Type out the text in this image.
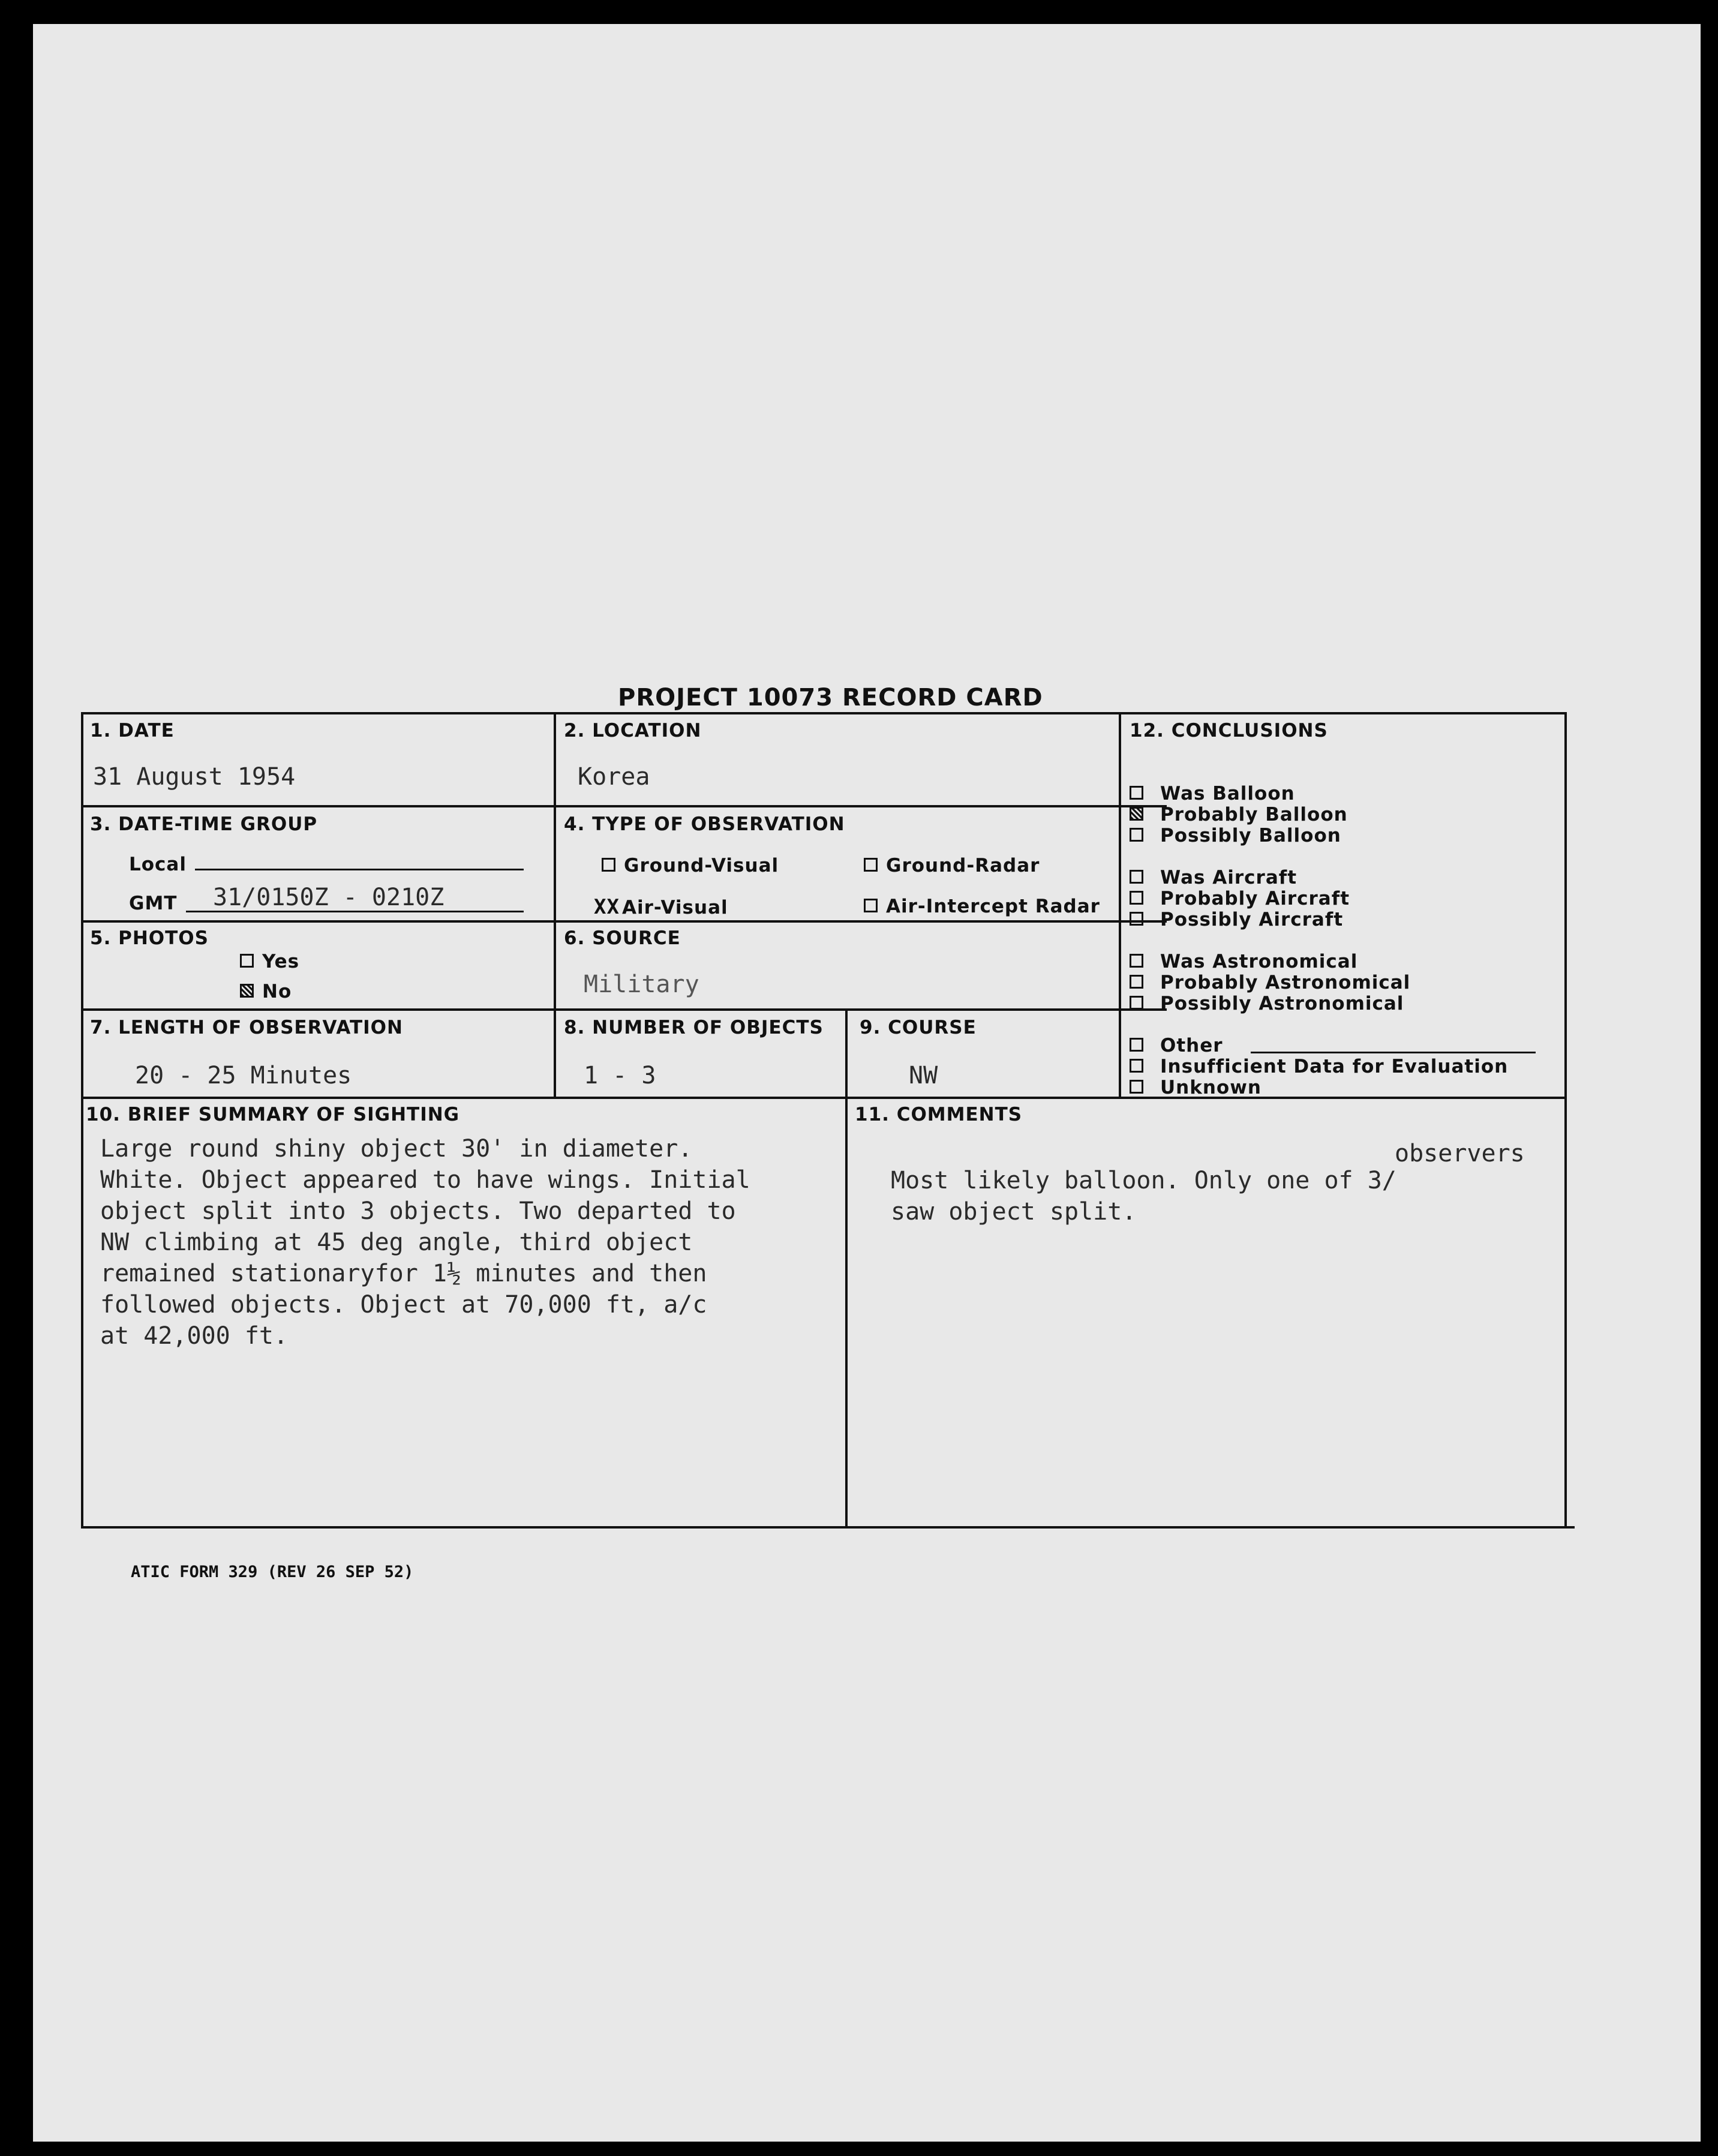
PROJECT 10073 RECORD CARD
1. DATE
31 August 1954
2. LOCATION
Korea
3. DATE-TIME GROUP
Local
GMT 31/0150Z - 0210Z
4. TYPE OF OBSERVATION
Ground-Visual	Ground-Radar
XX Air-Visual	Air-Intercept Radar
5. PHOTOS
Yes
No
6. SOURCE
Military
7. LENGTH OF OBSERVATION
20 - 25 Minutes
8. NUMBER OF OBJECTS
1 - 3
9. COURSE
NW
12. CONCLUSIONS
Was Balloon
Probably Balloon
Possibly Balloon
Was Aircraft
Probably Aircraft
Possibly Aircraft
Was Astronomical
Probably Astronomical
Possibly Astronomical
Other
Insufficient Data for Evaluation
Unknown
10. BRIEF SUMMARY OF SIGHTING
Large round shiny object 30' in diameter.
White. Object appeared to have wings. Initial
object split into 3 objects. Two departed to
NW climbing at 45 deg angle, third object
remained stationaryfor 1½ minutes and then
followed objects. Object at 70,000 ft, a/c
at 42,000 ft.
11. COMMENTS
observers
Most likely balloon. Only one of 3/
saw object split.
ATIC FORM 329 (REV 26 SEP 52)
